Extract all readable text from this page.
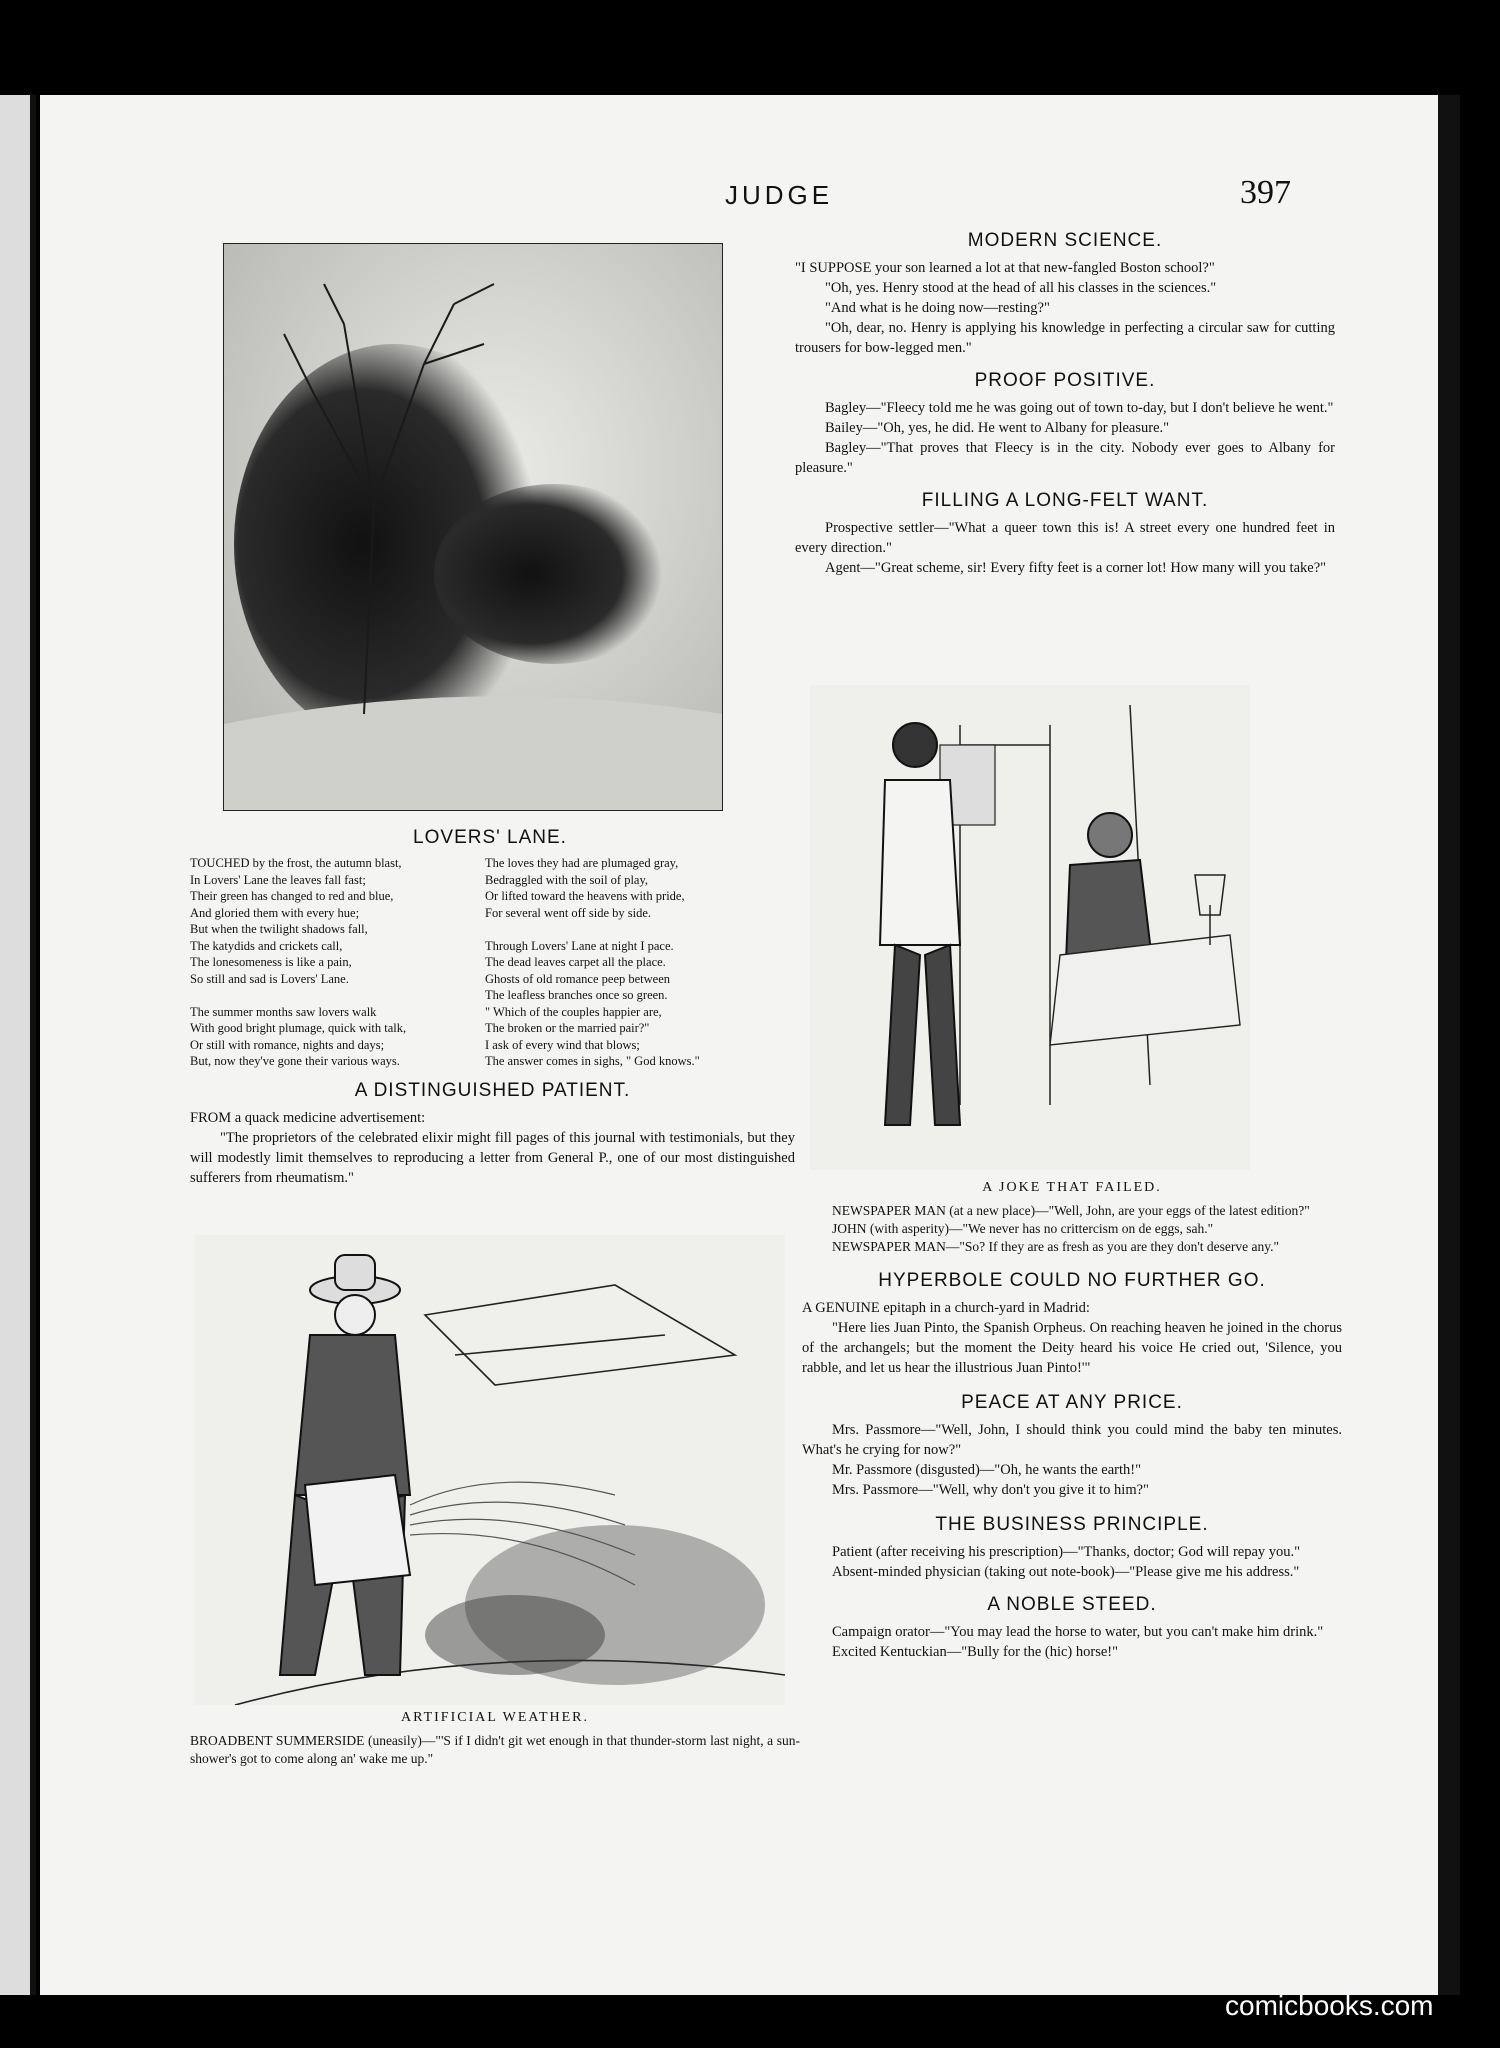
JUDGE	397

LOVERS' LANE.

TOUCHED by the frost, the autumn blast,
In Lovers' Lane the leaves fall fast;
Their green has changed to red and blue,
And gloried them with every hue;
But when the twilight shadows fall,
The katydids and crickets call,
The lonesomeness is like a pain,
So still and sad is Lovers' Lane.

The summer months saw lovers walk
With good bright plumage, quick with talk,
Or still with romance, nights and days;
But, now they've gone their various ways.
The loves they had are plumaged gray,
Bedraggled with the soil of play,
Or lifted toward the heavens with pride,
For several went off side by side.

Through Lovers' Lane at night I pace.
The dead leaves carpet all the place.
Ghosts of old romance peep between
The leafless branches once so green.
" Which of the couples happier are,
The broken or the married pair?"
I ask of every wind that blows;
The answer comes in sighs, " God knows."

A DISTINGUISHED PATIENT.

FROM a quack medicine advertisement:

"The proprietors of the celebrated elixir might fill pages of this journal with testimonials, but they will modestly limit themselves to reproducing a letter from General P., one of our most distinguished sufferers from rheumatism."

ARTIFICIAL WEATHER.

BROADBENT SUMMERSIDE (uneasily)—"'S if I didn't git wet enough in that thunder-storm last night, a sun-shower's got to come along an' wake me up."

MODERN SCIENCE.

"I SUPPOSE your son learned a lot at that new-fangled Boston school?"

"Oh, yes. Henry stood at the head of all his classes in the sciences."

"And what is he doing now—resting?"

"Oh, dear, no. Henry is applying his knowledge in perfecting a circular saw for cutting trousers for bow-legged men."

PROOF POSITIVE.

Bagley—"Fleecy told me he was going out of town to-day, but I don't believe he went."

Bailey—"Oh, yes, he did. He went to Albany for pleasure."

Bagley—"That proves that Fleecy is in the city. Nobody ever goes to Albany for pleasure."

FILLING A LONG-FELT WANT.

Prospective settler—"What a queer town this is! A street every one hundred feet in every direction."

Agent—"Great scheme, sir! Every fifty feet is a corner lot! How many will you take?"

A JOKE THAT FAILED.

NEWSPAPER MAN (at a new place)—"Well, John, are your eggs of the latest edition?"

JOHN (with asperity)—"We never has no crittercism on de eggs, sah."

NEWSPAPER MAN—"So? If they are as fresh as you are they don't deserve any."

HYPERBOLE COULD NO FURTHER GO.

A GENUINE epitaph in a church-yard in Madrid:

"Here lies Juan Pinto, the Spanish Orpheus. On reaching heaven he joined in the chorus of the archangels; but the moment the Deity heard his voice He cried out, 'Silence, you rabble, and let us hear the illustrious Juan Pinto!'"

PEACE AT ANY PRICE.

Mrs. Passmore—"Well, John, I should think you could mind the baby ten minutes. What's he crying for now?"

Mr. Passmore (disgusted)—"Oh, he wants the earth!"

Mrs. Passmore—"Well, why don't you give it to him?"

THE BUSINESS PRINCIPLE.

Patient (after receiving his prescription)—"Thanks, doctor; God will repay you."

Absent-minded physician (taking out note-book)—"Please give me his address."

A NOBLE STEED.

Campaign orator—"You may lead the horse to water, but you can't make him drink."

Excited Kentuckian—"Bully for the (hic) horse!"

comicbooks.com
